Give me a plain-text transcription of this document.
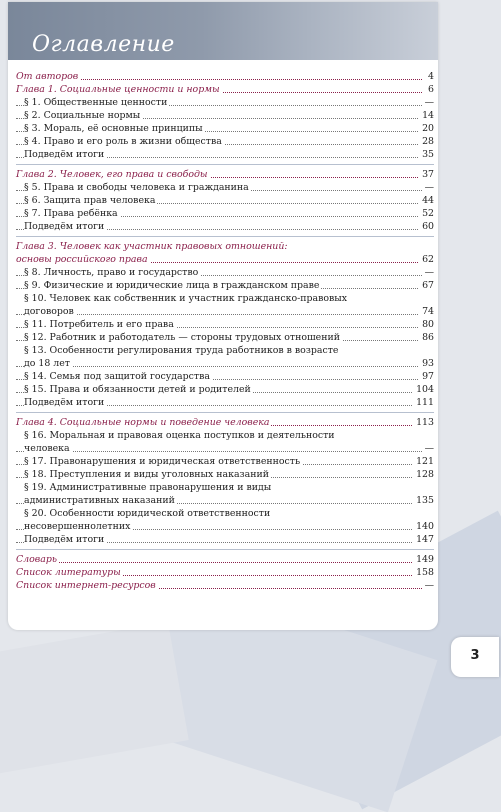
Оглавление
От авторов	4
Глава 1. Социальные ценности и нормы	6
§ 1. Общественные ценности	—
§ 2. Социальные нормы	14
§ 3. Мораль, её основные принципы	20
§ 4. Право и его роль в жизни общества	28
Подведём итоги	35
Глава 2. Человек, его права и свободы	37
§ 5. Права и свободы человека и гражданина	—
§ 6. Защита прав человека	44
§ 7. Права ребёнка	52
Подведём итоги	60
Глава 3. Человек как участник правовых отношений:
основы российского права	62
§ 8. Личность, право и государство	—
§ 9. Физические и юридические лица в гражданском праве	67
§ 10. Человек как собственник и участник гражданско-правовых
договоров	74
§ 11. Потребитель и его права	80
§ 12. Работник и работодатель — стороны трудовых отношений	86
§ 13. Особенности регулирования труда работников в возрасте
до 18 лет	93
§ 14. Семья под защитой государства	97
§ 15. Права и обязанности детей и родителей	104
Подведём итоги	111
Глава 4. Социальные нормы и поведение человека	113
§ 16. Моральная и правовая оценка поступков и деятельности
человека	—
§ 17. Правонарушения и юридическая ответственность	121
§ 18. Преступления и виды уголовных наказаний	128
§ 19. Административные правонарушения и виды
административных наказаний	135
§ 20. Особенности юридической ответственности
несовершеннолетних	140
Подведём итоги	147
Словарь	149
Список литературы	158
Список интернет-ресурсов	—
3
